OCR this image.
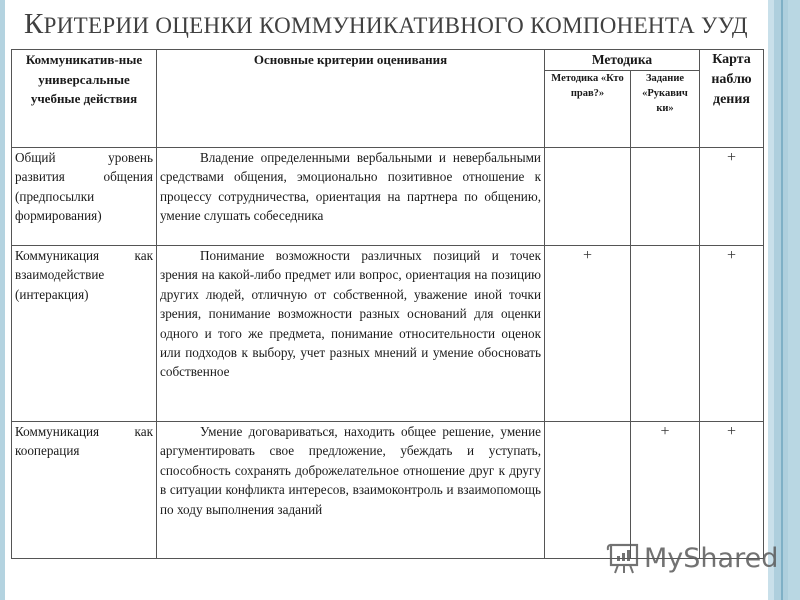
КРИТЕРИИ ОЦЕНКИ КОММУНИКАТИВНОГО КОМПОНЕНТА УУД
Коммуникатив-ные универсальные учебные действия	Основные критерии оценивания	Методика		Карта наблю дения
		Методика «Кто прав?»	Задание «Рукавич ки»	
Общий уровень развития общения (предпосылки формирования)	Владение определенными вербальными и невербальными средствами общения, эмоционально позитивное отношение к процессу сотрудничества, ориентация на партнера по общению, умение слушать собеседника			+
Коммуникация как взаимодействие (интеракция)	Понимание возможности различных позиций и точек зрения на какой-либо предмет или вопрос, ориентация на позицию других людей, отличную от собственной, уважение иной точки зрения, понимание возможности разных оснований для оценки одного и того же предмета, понимание относительности оценок или подходов к выбору, учет разных мнений и умение обосновать собственное	+		+
Коммуникация как кооперация	Умение договариваться, находить общее решение, умение аргументировать свое предложение, убеждать и уступать, способность сохранять доброжелательное отношение друг к другу в ситуации конфликта интересов, взаимоконтроль и взаимопомощь по ходу выполнения заданий		+	+
MyShared
